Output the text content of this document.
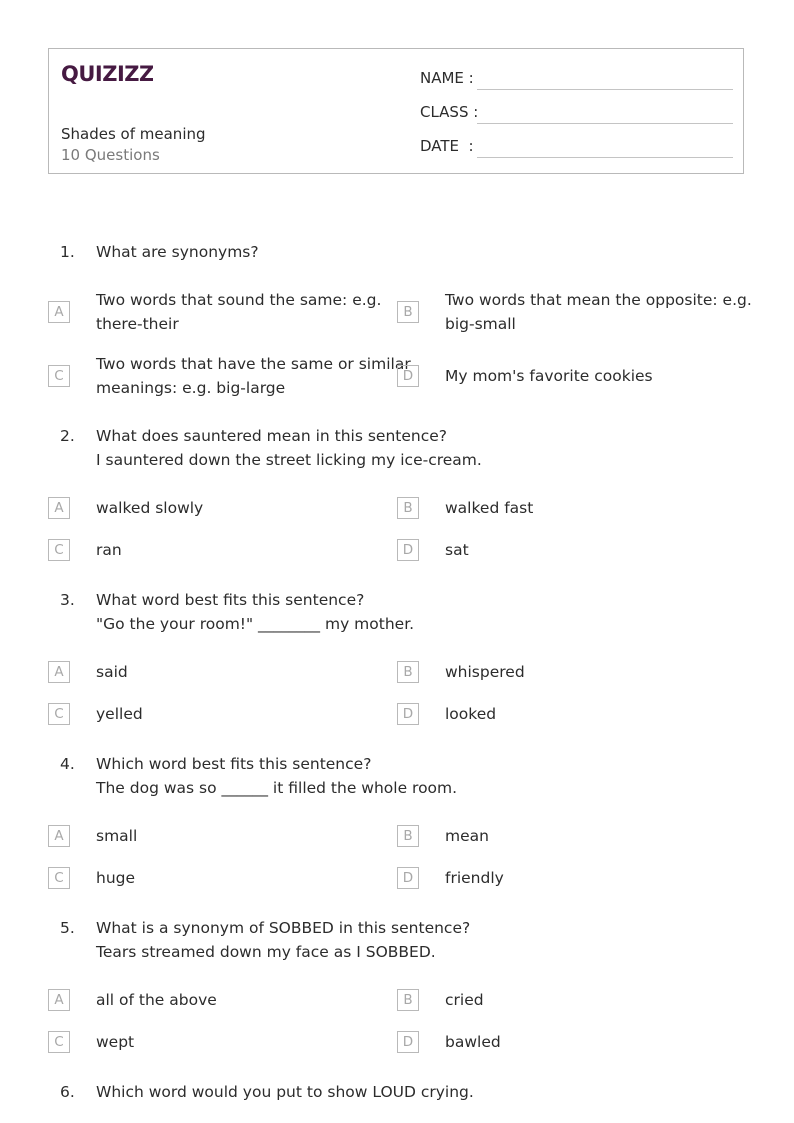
QUIZIZZ
Shades of meaning
10 Questions
NAME :
CLASS :
DATE  :
1. What are synonyms?
A
Two words that sound the same: e.g.
there-their
B
Two words that mean the opposite: e.g.
big-small
C
Two words that have the same or similar
meanings: e.g. big-large
D	My mom's favorite cookies
2. What does sauntered mean in this sentence?
I sauntered down the street licking my ice-cream.
A	walked slowly	B	walked fast
C	ran	D	sat
3. What word best fits this sentence?
"Go the your room!" ________ my mother.
A	said	B	whispered
C	yelled	D	looked
4. Which word best fits this sentence?
The dog was so ______ it filled the whole room.
A	small	B	mean
C	huge	D	friendly
5. What is a synonym of SOBBED in this sentence?
Tears streamed down my face as I SOBBED.
A	all of the above	B	cried
C	wept	D	bawled
6. Which word would you put to show LOUD crying.
